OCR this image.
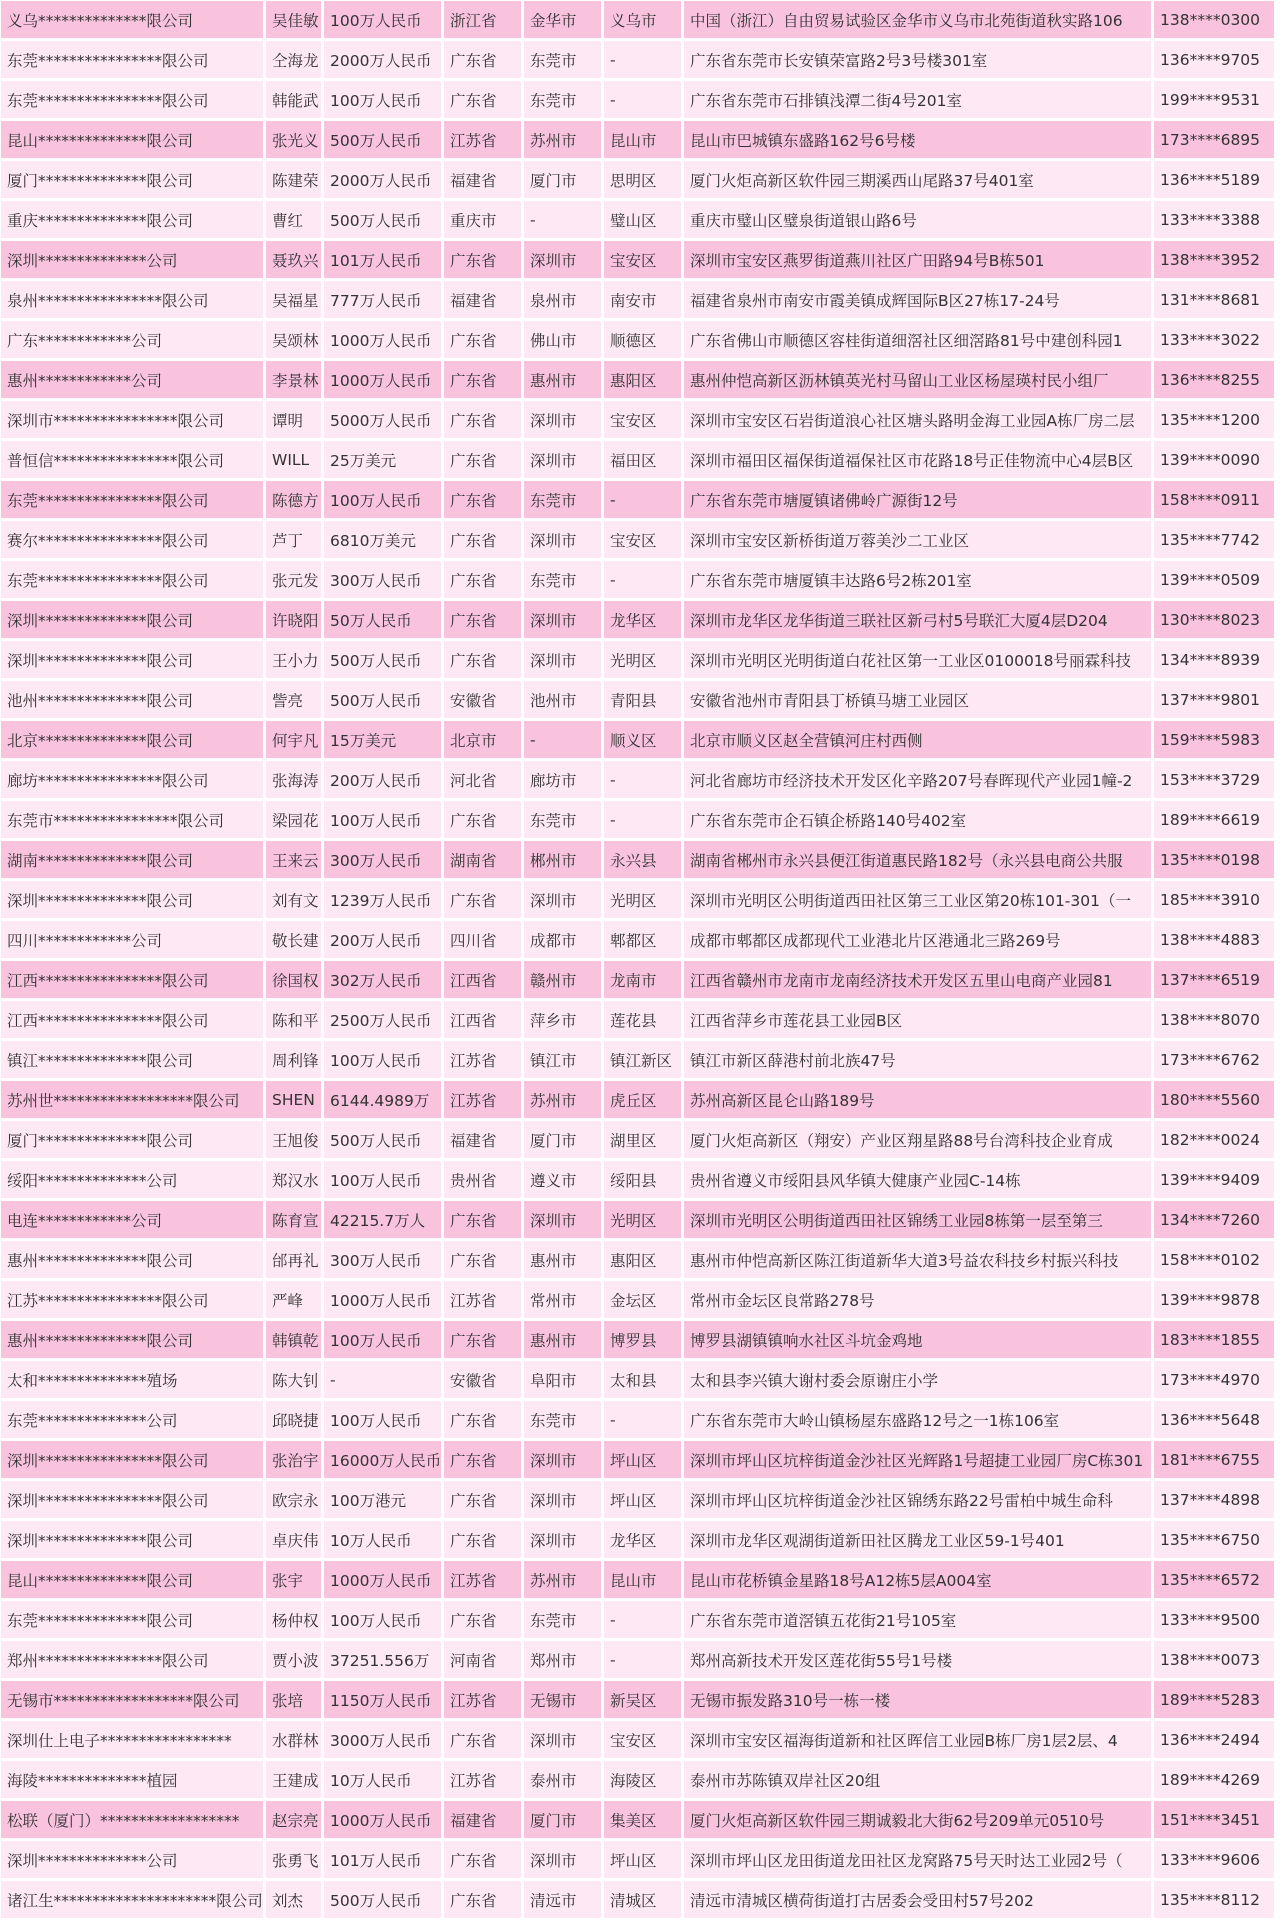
义乌**************限公司	吴佳敏 100万人民币	浙江省	金华市	义乌市	中国（浙江）自由贸易试验区金华市义乌市北苑街道秋实路106	138****0300
东莞****************限公司	仝海龙 2000万人民币	广东省	东莞市	-	广东省东莞市长安镇荣富路2号3号楼301室	136****9705
东莞****************限公司	韩能武 100万人民币	广东省	东莞市	-	广东省东莞市石排镇浅潭二街4号201室	199****9531
昆山**************限公司	张光义 500万人民币	江苏省	苏州市	昆山市	昆山市巴城镇东盛路162号6号楼	173****6895
厦门**************限公司	陈建荣 2000万人民币	福建省	厦门市	思明区	厦门火炬高新区软件园三期溪西山尾路37号401室	136****5189
重庆**************限公司	曹红	500万人民币	重庆市	-	璧山区	重庆市璧山区璧泉街道银山路6号	133****3388
深圳**************公司	聂玖兴 101万人民币	广东省	深圳市	宝安区	深圳市宝安区燕罗街道燕川社区广田路94号B栋501	138****3952
泉州****************限公司	吴福星 777万人民币	福建省	泉州市	南安市	福建省泉州市南安市霞美镇成辉国际B区27栋17-24号	131****8681
广东************公司	吴颂林 1000万人民币	广东省	佛山市	顺德区	广东省佛山市顺德区容桂街道细滘社区细滘路81号中建创科园1	133****3022
惠州************公司	李景林 1000万人民币	广东省	惠州市	惠阳区	惠州仲恺高新区沥林镇英光村马留山工业区杨屋瑛村民小组厂	136****8255
深圳市****************限公司	谭明	5000万人民币	广东省	深圳市	宝安区	深圳市宝安区石岩街道浪心社区塘头路明金海工业园A栋厂房二层	135****1200
普恒信****************限公司	WILL	25万美元	广东省	深圳市	福田区	深圳市福田区福保街道福保社区市花路18号正佳物流中心4层B区	139****0090
东莞****************限公司	陈德方 100万人民币	广东省	东莞市	-	广东省东莞市塘厦镇诸佛岭广源街12号	158****0911
赛尔****************限公司	芦丁	6810万美元	广东省	深圳市	宝安区	深圳市宝安区新桥街道万蓉美沙二工业区	135****7742
东莞****************限公司	张元发 300万人民币	广东省	东莞市	-	广东省东莞市塘厦镇丰达路6号2栋201室	139****0509
深圳**************限公司	许晓阳 50万人民币	广东省	深圳市	龙华区	深圳市龙华区龙华街道三联社区新弓村5号联汇大厦4层D204	130****8023
深圳**************限公司	王小力 500万人民币	广东省	深圳市	光明区	深圳市光明区光明街道白花社区第一工业区0100018号丽霖科技	134****8939
池州**************限公司	訾亮	500万人民币	安徽省	池州市	青阳县	安徽省池州市青阳县丁桥镇马塘工业园区	137****9801
北京**************限公司	何宇凡 15万美元	北京市	-	顺义区	北京市顺义区赵全营镇河庄村西侧	159****5983
廊坊****************限公司	张海涛 200万人民币	河北省	廊坊市	-	河北省廊坊市经济技术开发区化辛路207号春晖现代产业园1幢-2	153****3729
东莞市****************限公司	梁园花 100万人民币	广东省	东莞市	-	广东省东莞市企石镇企桥路140号402室	189****6619
湖南**************限公司	王来云 300万人民币	湖南省	郴州市	永兴县	湖南省郴州市永兴县便江街道惠民路182号（永兴县电商公共服	135****0198
深圳**************限公司	刘有文 1239万人民币	广东省	深圳市	光明区	深圳市光明区公明街道西田社区第三工业区第20栋101-301（一	185****3910
四川************公司	敬长建 200万人民币	四川省	成都市	郫都区	成都市郫都区成都现代工业港北片区港通北三路269号	138****4883
江西****************限公司	徐国权 302万人民币	江西省	赣州市	龙南市	江西省赣州市龙南市龙南经济技术开发区五里山电商产业园81	137****6519
江西****************限公司	陈和平 2500万人民币	江西省	萍乡市	莲花县	江西省萍乡市莲花县工业园B区	138****8070
镇江**************限公司	周利锋 100万人民币	江苏省	镇江市	镇江新区	镇江市新区薛港村前北族47号	173****6762
苏州世******************限公司	SHEN 6144.4989万	江苏省	苏州市	虎丘区	苏州高新区昆仑山路189号	180****5560
厦门**************限公司	王旭俊 500万人民币	福建省	厦门市	湖里区	厦门火炬高新区（翔安）产业区翔星路88号台湾科技企业育成	182****0024
绥阳**************公司	郑汉水 100万人民币	贵州省	遵义市	绥阳县	贵州省遵义市绥阳县风华镇大健康产业园C-14栋	139****9409
电连************公司	陈育宣 42215.7万人	广东省	深圳市	光明区	深圳市光明区公明街道西田社区锦绣工业园8栋第一层至第三	134****7260
惠州**************限公司	邰再礼 300万人民币	广东省	惠州市	惠阳区	惠州市仲恺高新区陈江街道新华大道3号益农科技乡村振兴科技	158****0102
江苏****************限公司	严峰	1000万人民币	江苏省	常州市	金坛区	常州市金坛区良常路278号	139****9878
惠州**************限公司	韩镇乾 100万人民币	广东省	惠州市	博罗县	博罗县湖镇镇响水社区斗坑金鸡地	183****1855
太和**************殖场	陈大钊 -	安徽省	阜阳市	太和县	太和县李兴镇大谢村委会原谢庄小学	173****4970
东莞**************公司	邱晓捷 100万人民币	广东省	东莞市	-	广东省东莞市大岭山镇杨屋东盛路12号之一1栋106室	136****5648
深圳****************限公司	张治宇 16000万人民币 广东省	深圳市	坪山区	深圳市坪山区坑梓街道金沙社区光辉路1号超捷工业园厂房C栋301	181****6755
深圳****************限公司	欧宗永 100万港元	广东省	深圳市	坪山区	深圳市坪山区坑梓街道金沙社区锦绣东路22号雷柏中城生命科	137****4898
深圳**************限公司	卓庆伟 10万人民币	广东省	深圳市	龙华区	深圳市龙华区观湖街道新田社区腾龙工业区59-1号401	135****6750
昆山**************限公司	张宇	1000万人民币	江苏省	苏州市	昆山市	昆山市花桥镇金星路18号A12栋5层A004室	135****6572
东莞**************限公司	杨仲权 100万人民币	广东省	东莞市	-	广东省东莞市道滘镇五花街21号105室	133****9500
郑州****************限公司	贾小波 37251.556万	河南省	郑州市	-	郑州高新技术开发区莲花街55号1号楼	138****0073
无锡市******************限公司	张培	1150万人民币	江苏省	无锡市	新吴区	无锡市振发路310号一栋一楼	189****5283
深圳仕上电子*****************	水群林 3000万人民币	广东省	深圳市	宝安区	深圳市宝安区福海街道新和社区晖信工业园B栋厂房1层2层、4	136****2494
海陵**************植园	王建成 10万人民币	江苏省	泰州市	海陵区	泰州市苏陈镇双岸社区20组	189****4269
松联（厦门）******************	赵宗亮 1000万人民币	福建省	厦门市	集美区	厦门火炬高新区软件园三期诚毅北大街62号209单元0510号	151****3451
深圳**************公司	张勇飞 101万人民币	广东省	深圳市	坪山区	深圳市坪山区龙田街道龙田社区龙窝路75号天时达工业园2号（	133****9606
诸江生*********************限公司 刘杰	500万人民币	广东省	清远市	清城区	清远市清城区横荷街道打古居委会受田村57号202	135****8112
